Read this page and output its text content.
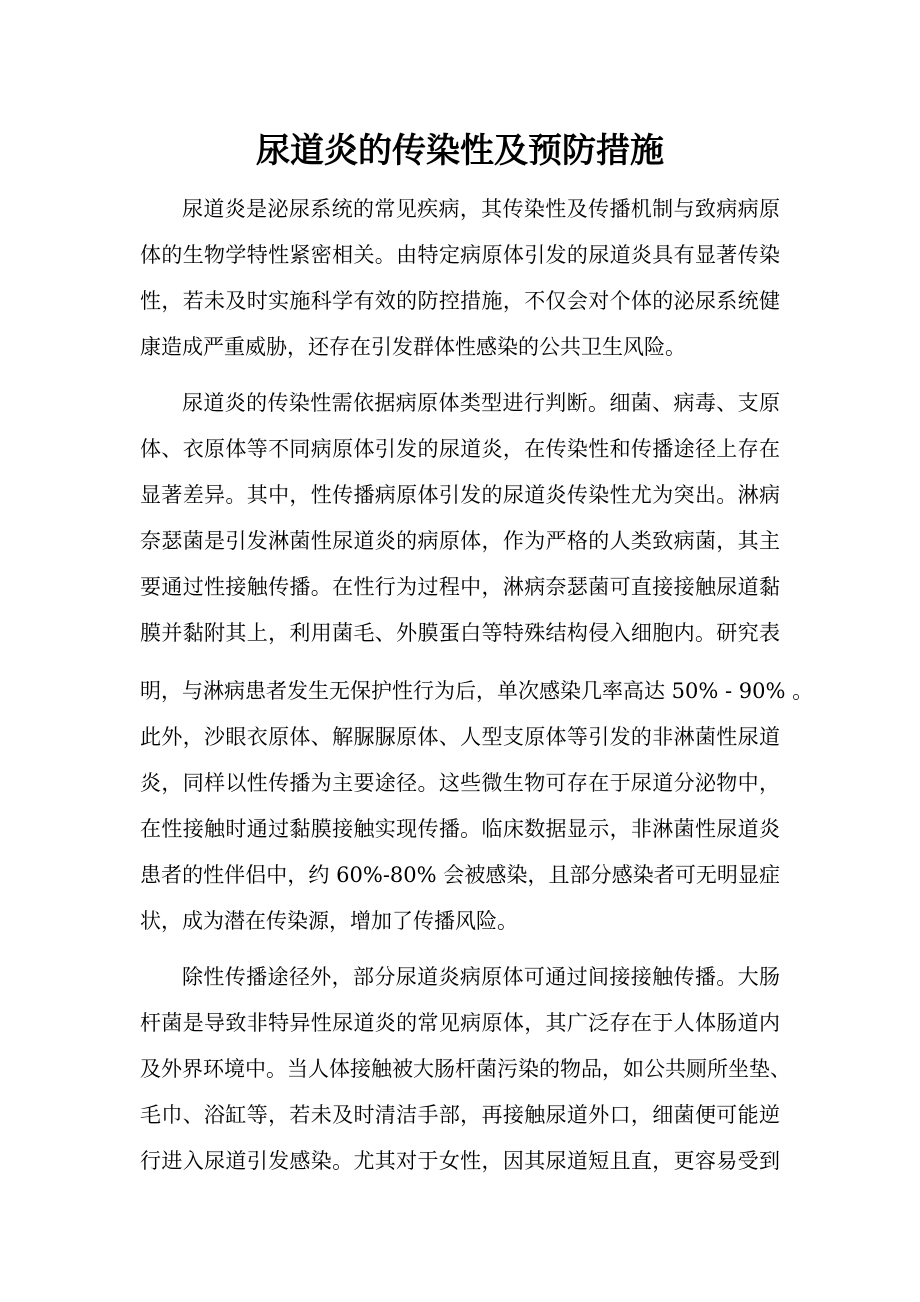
尿道炎的传染性及预防措施
尿道炎是泌尿系统的常见疾病，其传染性及传播机制与致病病原
体的生物学特性紧密相关。由特定病原体引发的尿道炎具有显著传染
性，若未及时实施科学有效的防控措施，不仅会对个体的泌尿系统健
康造成严重威胁，还存在引发群体性感染的公共卫生风险。
尿道炎的传染性需依据病原体类型进行判断。细菌、病毒、支原
体、衣原体等不同病原体引发的尿道炎，在传染性和传播途径上存在
显著差异。其中，性传播病原体引发的尿道炎传染性尤为突出。淋病
奈瑟菌是引发淋菌性尿道炎的病原体，作为严格的人类致病菌，其主
要通过性接触传播。在性行为过程中，淋病奈瑟菌可直接接触尿道黏
膜并黏附其上，利用菌毛、外膜蛋白等特殊结构侵入细胞内。研究表
明，与淋病患者发生无保护性行为后，单次感染几率高达 50% - 90% 。
此外，沙眼衣原体、解脲脲原体、人型支原体等引发的非淋菌性尿道
炎，同样以性传播为主要途径。这些微生物可存在于尿道分泌物中，
在性接触时通过黏膜接触实现传播。临床数据显示，非淋菌性尿道炎
患者的性伴侣中，约 60%-80% 会被感染，且部分感染者可无明显症
状，成为潜在传染源，增加了传播风险。
除性传播途径外，部分尿道炎病原体可通过间接接触传播。大肠
杆菌是导致非特异性尿道炎的常见病原体，其广泛存在于人体肠道内
及外界环境中。当人体接触被大肠杆菌污染的物品，如公共厕所坐垫、
毛巾、浴缸等，若未及时清洁手部，再接触尿道外口，细菌便可能逆
行进入尿道引发感染。尤其对于女性，因其尿道短且直，更容易受到
